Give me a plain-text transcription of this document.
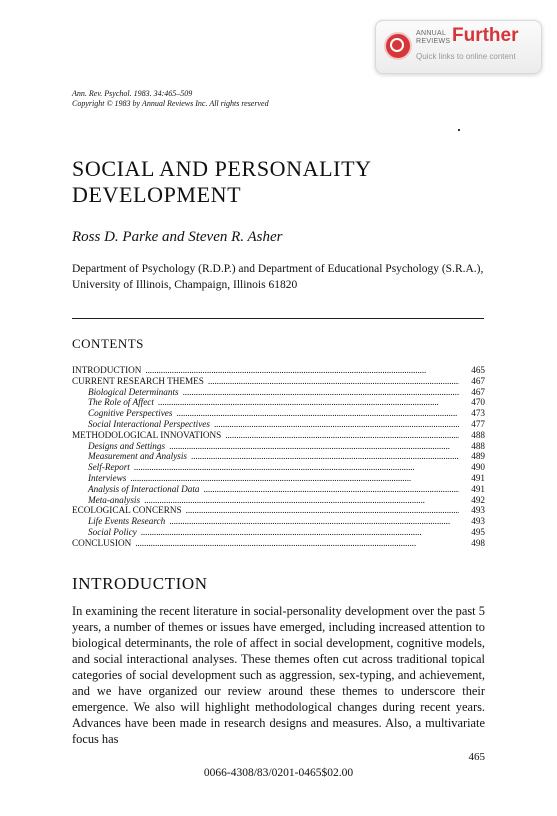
ANNUAL
REVIEWS Further
Quick links to online content
Ann. Rev. Psychol. 1983. 34:465–509
Copyright © 1983 by Annual Reviews Inc. All rights reserved
SOCIAL AND PERSONALITY DEVELOPMENT
Ross D. Parke and Steven R. Asher
Department of Psychology (R.D.P.) and Department of Educational Psychology (S.R.A.), University of Illinois, Champaign, Illinois 61820
CONTENTS
INTRODUCTION . . .	465
CURRENT RESEARCH THEMES . . .	467
Biological Determinants . . .	467
The Role of Affect . . .	470
Cognitive Perspectives . . .	473
Social Interactional Perspectives . . .	477
METHODOLOGICAL INNOVATIONS . . .	488
Designs and Settings . . .	488
Measurement and Analysis . . .	489
Self-Report . . .	490
Interviews . . .	491
Analysis of Interactional Data . . .	491
Meta-analysis . . .	492
ECOLOGICAL CONCERNS . . .	493
Life Events Research . . .	493
Social Policy . . .	495
CONCLUSION . . .	498
INTRODUCTION
In examining the recent literature in social-personality development over the past 5 years, a number of themes or issues have emerged, including increased attention to biological determinants, the role of affect in social development, cognitive models, and social interactional analyses. These themes often cut across traditional topical categories of social development such as aggression, sex-typing, and achievement, and we have organized our review around these themes to underscore their emergence. We also will highlight methodological changes during recent years. Advances have been made in research designs and measures. Also, a multivariate focus has
465
0066-4308/83/0201-0465$02.00
